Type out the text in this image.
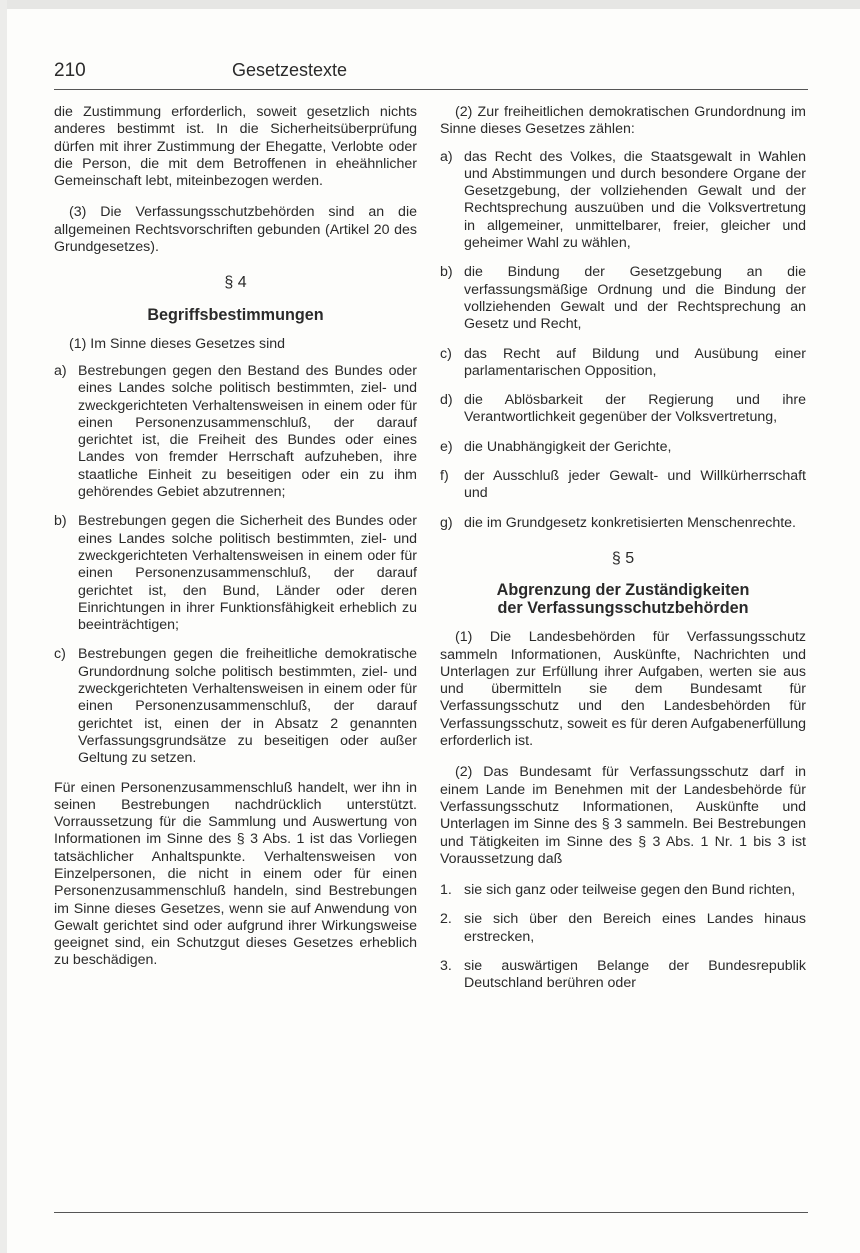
210	Gesetzestexte

die Zustimmung erforderlich, soweit gesetzlich nichts anderes bestimmt ist. In die Sicherheitsüberprüfung dürfen mit ihrer Zustimmung der Ehegatte, Verlobte oder die Person, die mit dem Betroffenen in eheähnlicher Gemeinschaft lebt, miteinbezogen werden.

(3) Die Verfassungsschutzbehörden sind an die allgemeinen Rechtsvorschriften gebunden (Artikel 20 des Grundgesetzes).

§ 4
Begriffsbestimmungen

(1) Im Sinne dieses Gesetzes sind

a) Bestrebungen gegen den Bestand des Bundes oder eines Landes solche politisch bestimmten, ziel- und zweckgerichteten Verhaltensweisen in einem oder für einen Personenzusammenschluß, der darauf gerichtet ist, die Freiheit des Bundes oder eines Landes von fremder Herrschaft aufzuheben, ihre staatliche Einheit zu beseitigen oder ein zu ihm gehörendes Gebiet abzutrennen;
b) Bestrebungen gegen die Sicherheit des Bundes oder eines Landes solche politisch bestimmten, ziel- und zweckgerichteten Verhaltensweisen in einem oder für einen Personenzusammenschluß, der darauf gerichtet ist, den Bund, Länder oder deren Einrichtungen in ihrer Funktionsfähigkeit erheblich zu beeinträchtigen;
c) Bestrebungen gegen die freiheitliche demokratische Grundordnung solche politisch bestimmten, ziel- und zweckgerichteten Verhaltensweisen in einem oder für einen Personenzusammenschluß, der darauf gerichtet ist, einen der in Absatz 2 genannten Verfassungsgrundsätze zu beseitigen oder außer Geltung zu setzen.

Für einen Personenzusammenschluß handelt, wer ihn in seinen Bestrebungen nachdrücklich unterstützt. Vorraussetzung für die Sammlung und Auswertung von Informationen im Sinne des § 3 Abs. 1 ist das Vorliegen tatsächlicher Anhaltspunkte. Verhaltensweisen von Einzelpersonen, die nicht in einem oder für einen Personenzusammenschluß handeln, sind Bestrebungen im Sinne dieses Gesetzes, wenn sie auf Anwendung von Gewalt gerichtet sind oder aufgrund ihrer Wirkungsweise geeignet sind, ein Schutzgut dieses Gesetzes erheblich zu beschädigen.

(2) Zur freiheitlichen demokratischen Grundordnung im Sinne dieses Gesetzes zählen:

a) das Recht des Volkes, die Staatsgewalt in Wahlen und Abstimmungen und durch besondere Organe der Gesetzgebung, der vollziehenden Gewalt und der Rechtsprechung auszuüben und die Volksvertretung in allgemeiner, unmittelbarer, freier, gleicher und geheimer Wahl zu wählen,
b) die Bindung der Gesetzgebung an die verfassungsmäßige Ordnung und die Bindung der vollziehenden Gewalt und der Rechtsprechung an Gesetz und Recht,
c) das Recht auf Bildung und Ausübung einer parlamentarischen Opposition,
d) die Ablösbarkeit der Regierung und ihre Verantwortlichkeit gegenüber der Volksvertretung,
e) die Unabhängigkeit der Gerichte,
f)	der Ausschluß jeder Gewalt- und Willkürherrschaft und
g) die im Grundgesetz konkretisierten Menschenrechte.
§ 5
Abgrenzung der Zuständigkeiten
der Verfassungsschutzbehörden

(1) Die Landesbehörden für Verfassungsschutz sammeln Informationen, Auskünfte, Nachrichten und Unterlagen zur Erfüllung ihrer Aufgaben, werten sie aus und übermitteln sie dem Bundesamt für Verfassungsschutz und den Landesbehörden für Verfassungsschutz, soweit es für deren Aufgabenerfüllung erforderlich ist.

(2) Das Bundesamt für Verfassungsschutz darf in einem Lande im Benehmen mit der Landesbehörde für Verfassungsschutz Informationen, Auskünfte und Unterlagen im Sinne des § 3 sammeln. Bei Bestrebungen und Tätigkeiten im Sinne des § 3 Abs. 1 Nr. 1 bis 3 ist Voraussetzung daß

1. sie sich ganz oder teilweise gegen den Bund richten,
2. sie sich über den Bereich eines Landes hinaus erstrecken,
3. sie auswärtigen Belange der Bundesrepublik Deutschland berühren oder
